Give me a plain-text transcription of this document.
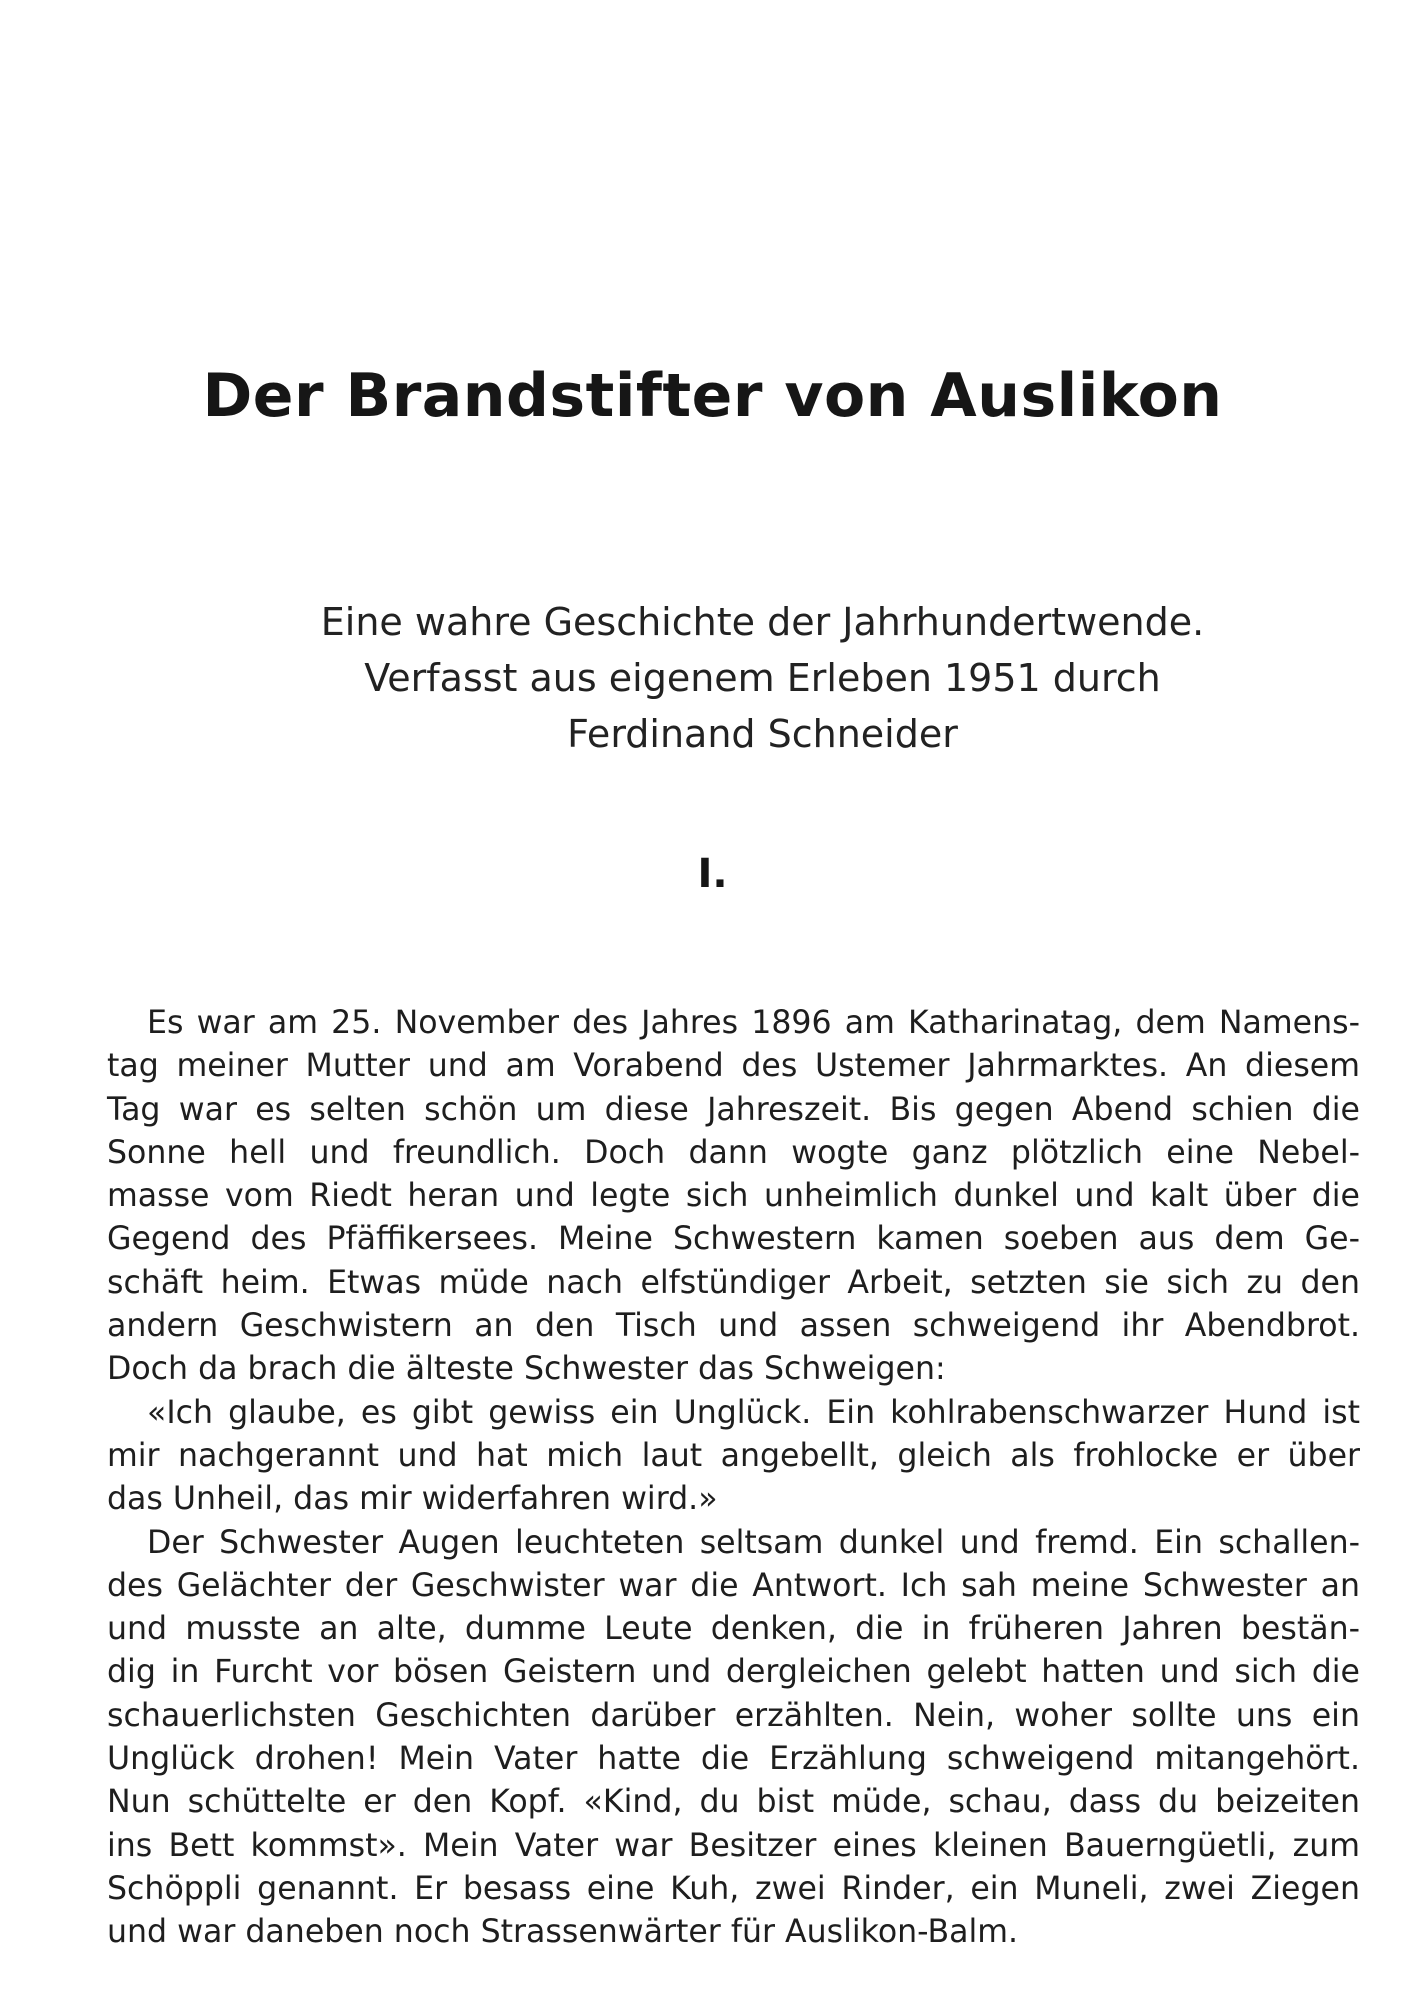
Der Brandstifter von Auslikon
Eine wahre Geschichte der Jahrhundertwende.
Verfasst aus eigenem Erleben 1951 durch
Ferdinand Schneider
I.
Es war am 25. November des Jahres 1896 am Katharinatag, dem Namens-
tag meiner Mutter und am Vorabend des Ustemer Jahrmarktes. An diesem
Tag war es selten schön um diese Jahreszeit. Bis gegen Abend schien die
Sonne hell und freundlich. Doch dann wogte ganz plötzlich eine Nebel-
masse vom Riedt heran und legte sich unheimlich dunkel und kalt über die
Gegend des Pfäffikersees. Meine Schwestern kamen soeben aus dem Ge-
schäft heim. Etwas müde nach elfstündiger Arbeit, setzten sie sich zu den
andern Geschwistern an den Tisch und assen schweigend ihr Abendbrot.
Doch da brach die älteste Schwester das Schweigen:
«Ich glaube, es gibt gewiss ein Unglück. Ein kohlrabenschwarzer Hund ist
mir nachgerannt und hat mich laut angebellt, gleich als frohlocke er über
das Unheil, das mir widerfahren wird.»
Der Schwester Augen leuchteten seltsam dunkel und fremd. Ein schallen-
des Gelächter der Geschwister war die Antwort. Ich sah meine Schwester an
und musste an alte, dumme Leute denken, die in früheren Jahren bestän-
dig in Furcht vor bösen Geistern und dergleichen gelebt hatten und sich die
schauerlichsten Geschichten darüber erzählten. Nein, woher sollte uns ein
Unglück drohen! Mein Vater hatte die Erzählung schweigend mitangehört.
Nun schüttelte er den Kopf. «Kind, du bist müde, schau, dass du beizeiten
ins Bett kommst». Mein Vater war Besitzer eines kleinen Bauerngüetli, zum
Schöppli genannt. Er besass eine Kuh, zwei Rinder, ein Muneli, zwei Ziegen
und war daneben noch Strassenwärter für Auslikon-Balm.
